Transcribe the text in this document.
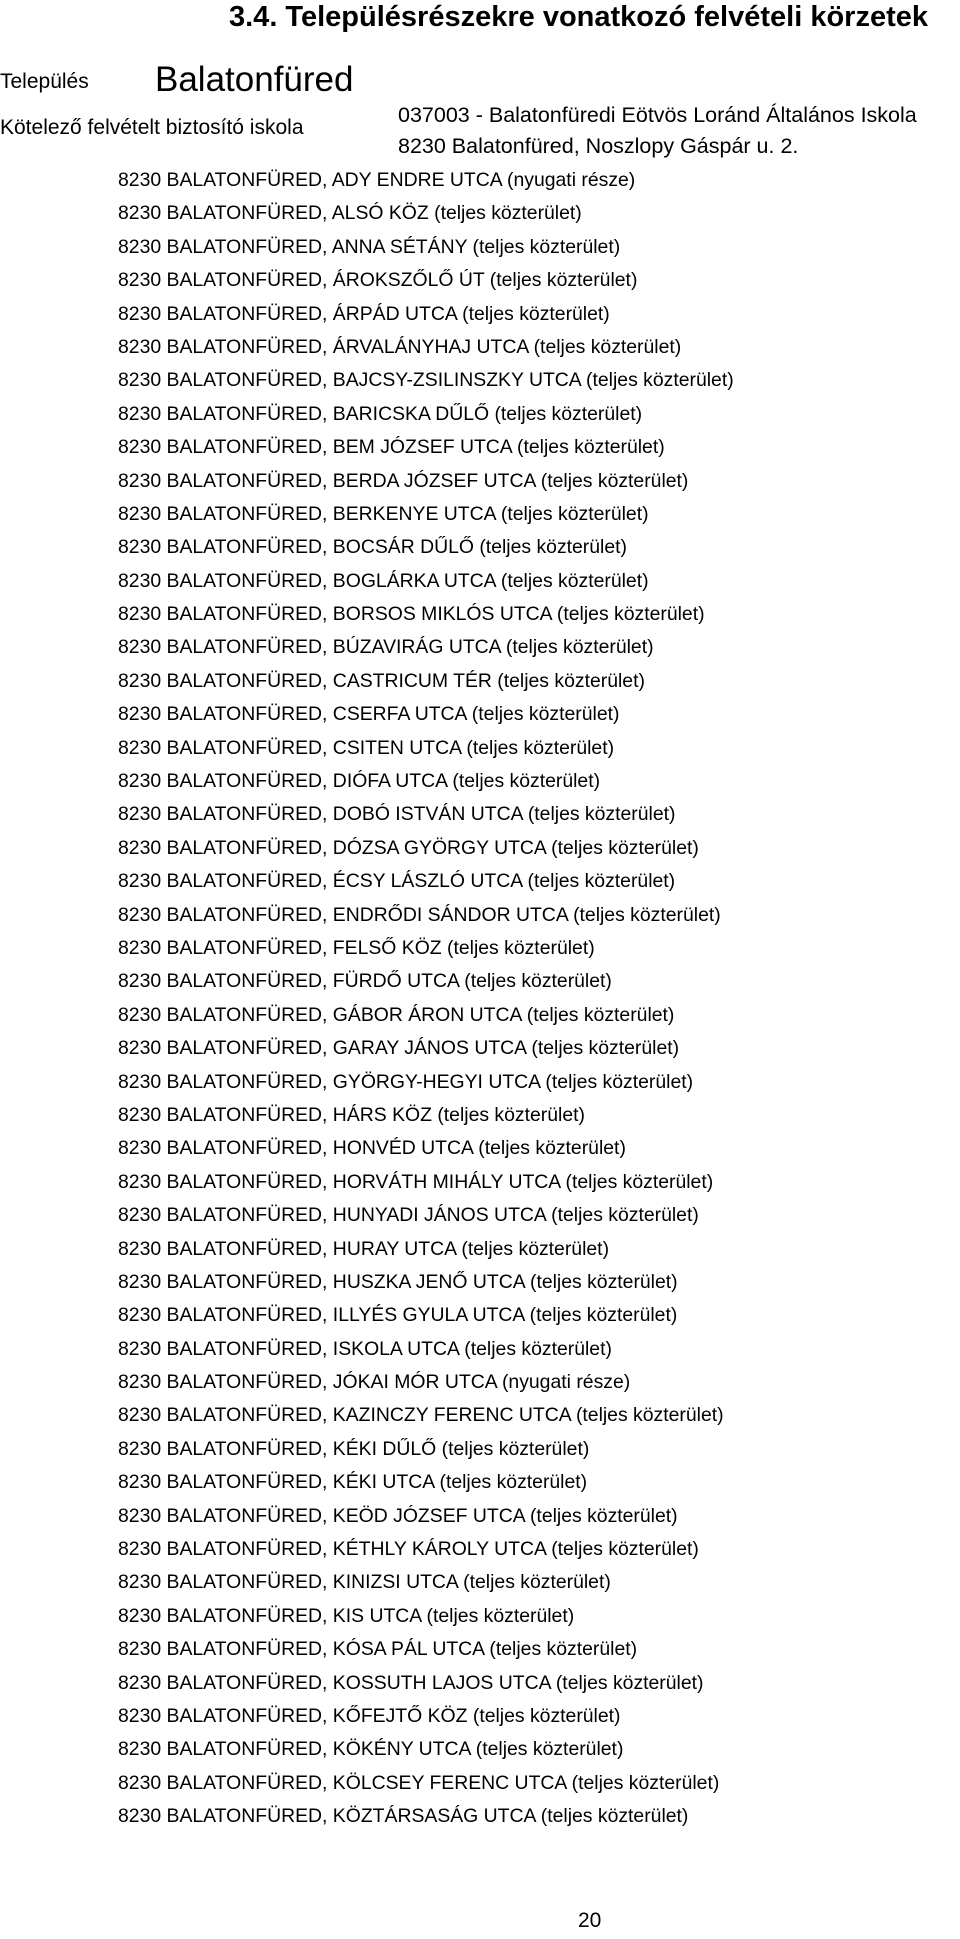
3.4. Településrészekre vonatkozó felvételi körzetek
Település Balatonfüred
Kötelező felvételt biztosító iskola
037003 - Balatonfüredi Eötvös Loránd Általános Iskola
8230 Balatonfüred, Noszlopy Gáspár u. 2.
8230 BALATONFÜRED, ADY ENDRE UTCA (nyugati része)
8230 BALATONFÜRED, ALSÓ KÖZ (teljes közterület)
8230 BALATONFÜRED, ANNA SÉTÁNY (teljes közterület)
8230 BALATONFÜRED, ÁROKSZŐLŐ ÚT (teljes közterület)
8230 BALATONFÜRED, ÁRPÁD UTCA (teljes közterület)
8230 BALATONFÜRED, ÁRVALÁNYHAJ UTCA (teljes közterület)
8230 BALATONFÜRED, BAJCSY-ZSILINSZKY UTCA (teljes közterület)
8230 BALATONFÜRED, BARICSKA DŰLŐ (teljes közterület)
8230 BALATONFÜRED, BEM JÓZSEF UTCA (teljes közterület)
8230 BALATONFÜRED, BERDA JÓZSEF UTCA (teljes közterület)
8230 BALATONFÜRED, BERKENYE UTCA (teljes közterület)
8230 BALATONFÜRED, BOCSÁR DŰLŐ (teljes közterület)
8230 BALATONFÜRED, BOGLÁRKA UTCA (teljes közterület)
8230 BALATONFÜRED, BORSOS MIKLÓS UTCA (teljes közterület)
8230 BALATONFÜRED, BÚZAVIRÁG UTCA (teljes közterület)
8230 BALATONFÜRED, CASTRICUM TÉR (teljes közterület)
8230 BALATONFÜRED, CSERFA UTCA (teljes közterület)
8230 BALATONFÜRED, CSITEN UTCA (teljes közterület)
8230 BALATONFÜRED, DIÓFA UTCA (teljes közterület)
8230 BALATONFÜRED, DOBÓ ISTVÁN UTCA (teljes közterület)
8230 BALATONFÜRED, DÓZSA GYÖRGY UTCA (teljes közterület)
8230 BALATONFÜRED, ÉCSY LÁSZLÓ UTCA (teljes közterület)
8230 BALATONFÜRED, ENDRŐDI SÁNDOR UTCA (teljes közterület)
8230 BALATONFÜRED, FELSŐ KÖZ (teljes közterület)
8230 BALATONFÜRED, FÜRDŐ UTCA (teljes közterület)
8230 BALATONFÜRED, GÁBOR ÁRON UTCA (teljes közterület)
8230 BALATONFÜRED, GARAY JÁNOS UTCA (teljes közterület)
8230 BALATONFÜRED, GYÖRGY-HEGYI UTCA (teljes közterület)
8230 BALATONFÜRED, HÁRS KÖZ (teljes közterület)
8230 BALATONFÜRED, HONVÉD UTCA (teljes közterület)
8230 BALATONFÜRED, HORVÁTH MIHÁLY UTCA (teljes közterület)
8230 BALATONFÜRED, HUNYADI JÁNOS UTCA (teljes közterület)
8230 BALATONFÜRED, HURAY UTCA (teljes közterület)
8230 BALATONFÜRED, HUSZKA JENŐ UTCA (teljes közterület)
8230 BALATONFÜRED, ILLYÉS GYULA UTCA (teljes közterület)
8230 BALATONFÜRED, ISKOLA UTCA (teljes közterület)
8230 BALATONFÜRED, JÓKAI MÓR UTCA (nyugati része)
8230 BALATONFÜRED, KAZINCZY FERENC UTCA (teljes közterület)
8230 BALATONFÜRED, KÉKI DŰLŐ (teljes közterület)
8230 BALATONFÜRED, KÉKI UTCA (teljes közterület)
8230 BALATONFÜRED, KEÖD JÓZSEF UTCA (teljes közterület)
8230 BALATONFÜRED, KÉTHLY KÁROLY UTCA (teljes közterület)
8230 BALATONFÜRED, KINIZSI UTCA (teljes közterület)
8230 BALATONFÜRED, KIS UTCA (teljes közterület)
8230 BALATONFÜRED, KÓSA PÁL UTCA (teljes közterület)
8230 BALATONFÜRED, KOSSUTH LAJOS UTCA (teljes közterület)
8230 BALATONFÜRED, KŐFEJTŐ KÖZ (teljes közterület)
8230 BALATONFÜRED, KÖKÉNY UTCA (teljes közterület)
8230 BALATONFÜRED, KÖLCSEY FERENC UTCA (teljes közterület)
8230 BALATONFÜRED, KÖZTÁRSASÁG UTCA (teljes közterület)
20
